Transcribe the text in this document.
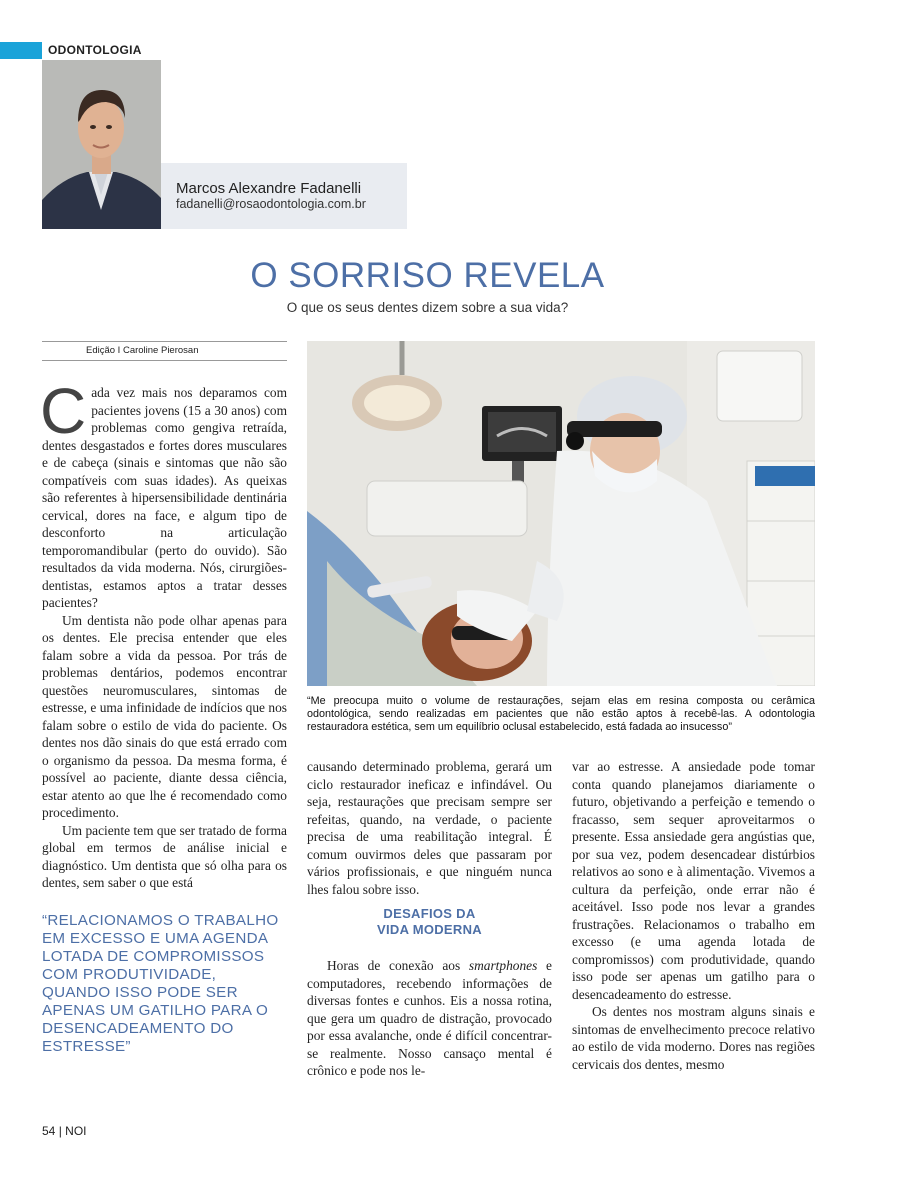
ODONTOLOGIA
Marcos Alexandre Fadanelli
fadanelli@rosaodontologia.com.br
O SORRISO REVELA
O que os seus dentes dizem sobre a sua vida?
Edição I Caroline Pierosan

Cada vez mais nos deparamos com pacientes jovens (15 a 30 anos) com problemas como gengiva retraída, dentes desgastados e fortes dores musculares e de cabeça (sinais e sintomas que não são compatíveis com suas idades). As queixas são referentes à hipersensibilidade dentinária cervical, dores na face, e algum tipo de desconforto na articulação temporomandibular (perto do ouvido). São resultados da vida moderna. Nós, cirurgiões-dentistas, estamos aptos a tratar desses pacientes?

Um dentista não pode olhar apenas para os dentes. Ele precisa entender que eles falam sobre a vida da pessoa. Por trás de problemas dentários, podemos encontrar questões neuromusculares, sintomas de estresse, e uma infinidade de indícios que nos falam sobre o estilo de vida do paciente. Os dentes nos dão sinais do que está errado com o organismo da pessoa. Da mesma forma, é possível ao paciente, diante dessa ciência, estar atento ao que lhe é recomendado como procedimento.

Um paciente tem que ser tratado de forma global em termos de análise inicial e diagnóstico. Um dentista que só olha para os dentes, sem saber o que está

“RELACIONAMOS O TRABALHO EM EXCESSO E UMA AGENDA LOTADA DE COMPROMISSOS COM PRODUTIVIDADE, QUANDO ISSO PODE SER APENAS UM GATILHO PARA O DESENCADEAMENTO DO ESTRESSE”
“Me preocupa muito o volume de restaurações, sejam elas em resina composta ou cerâmica odontológica, sendo realizadas em pacientes que não estão aptos à recebê-las. A odontologia restauradora estética, sem um equilíbrio oclusal estabelecido, está fadada ao insucesso”

causando determinado problema, gerará um ciclo restaurador ineficaz e infindável. Ou seja, restaurações que precisam sempre ser refeitas, quando, na verdade, o paciente precisa de uma reabilitação integral. É comum ouvirmos deles que passaram por vários profissionais, e que ninguém nunca lhes falou sobre isso.

DESAFIOS DA
VIDA MODERNA

Horas de conexão aos smartphones e computadores, recebendo informações de diversas fontes e cunhos. Eis a nossa rotina, que gera um quadro de distração, provocado por essa avalanche, onde é difícil concentrar-se realmente. Nosso cansaço mental é crônico e pode nos le-

var ao estresse. A ansiedade pode tomar conta quando planejamos diariamente o futuro, objetivando a perfeição e temendo o fracasso, sem sequer aproveitarmos o presente. Essa ansiedade gera angústias que, por sua vez, podem desencadear distúrbios relativos ao sono e à alimentação. Vivemos a cultura da perfeição, onde errar não é aceitável. Isso pode nos levar a grandes frustrações. Relacionamos o trabalho em excesso (e uma agenda lotada de compromissos) com produtividade, quando isso pode ser apenas um gatilho para o desencadeamento do estresse.

Os dentes nos mostram alguns sinais e sintomas de envelhecimento precoce relativo ao estilo de vida moderno. Dores nas regiões cervicais dos dentes, mesmo

54 | NOI
